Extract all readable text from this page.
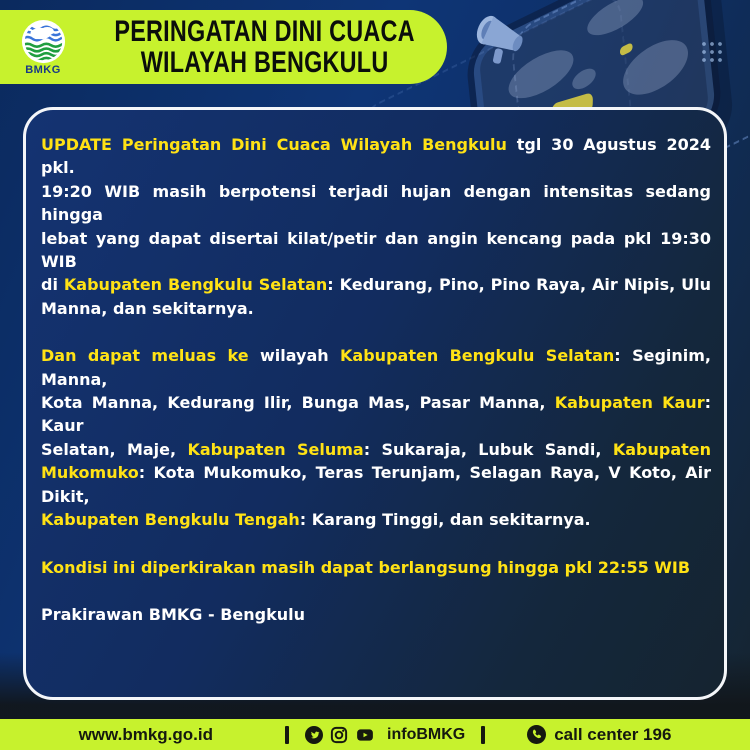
BMKG
PERINGATAN DINI CUACA
WILAYAH BENGKULU
UPDATE Peringatan Dini Cuaca Wilayah Bengkulu tgl 30 Agustus 2024 pkl.
19:20 WIB masih berpotensi terjadi hujan dengan intensitas sedang hingga
lebat yang dapat disertai kilat/petir dan angin kencang pada pkl 19:30 WIB
di Kabupaten Bengkulu Selatan: Kedurang, Pino, Pino Raya, Air Nipis, Ulu
Manna, dan sekitarnya.
Dan dapat meluas ke wilayah Kabupaten Bengkulu Selatan: Seginim, Manna,
Kota Manna, Kedurang Ilir, Bunga Mas, Pasar Manna, Kabupaten Kaur: Kaur
Selatan, Maje, Kabupaten Seluma: Sukaraja, Lubuk Sandi, Kabupaten
Mukomuko: Kota Mukomuko, Teras Terunjam, Selagan Raya, V Koto, Air Dikit,
Kabupaten Bengkulu Tengah: Karang Tinggi, dan sekitarnya.
Kondisi ini diperkirakan masih dapat berlangsung hingga pkl 22:55 WIB
Prakirawan BMKG - Bengkulu
www.bmkg.go.id	infoBMKG	call center 196
